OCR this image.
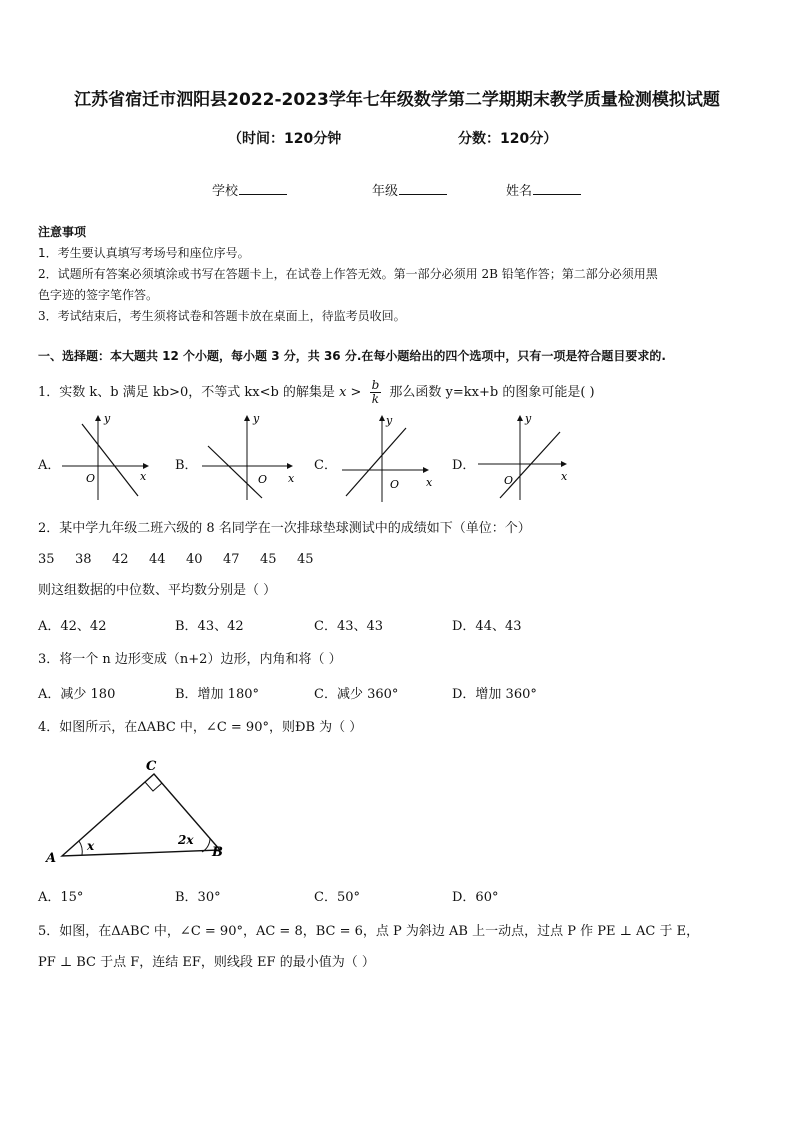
江苏省宿迁市泗阳县2022-2023学年七年级数学第二学期期末教学质量检测模拟试题
（时间：120分钟	分数：120分）
学校	年级	姓名
注意事项
1．考生要认真填写考场号和座位序号。
2．试题所有答案必须填涂或书写在答题卡上，在试卷上作答无效。第一部分必须用 2B 铅笔作答；第二部分必须用黑
色字迹的签字笔作答。
3．考试结束后，考生须将试卷和答题卡放在桌面上，待监考员收回。
一、选择题：本大题共 12 个小题，每小题 3 分，共 36 分.在每小题给出的四个选项中，只有一项是符合题目要求的.
1．实数 k、b 满足 kb>0，不等式 kx<b 的解集是 $x > \frac{b}{k}$ 那么函数 y=kx+b 的图象可能是( )
A．	B．	C．	D．
y
x
O
y
x
O
y
x
O
y
x
O
2．某中学九年级二班六级的 8 名同学在一次排球垫球测试中的成绩如下（单位：个）
35 38 42 44 40 47 45 45
则这组数据的中位数、平均数分别是（ ）
A．42、42	B．43、42	C．43、43	D．44、43
3．将一个 n 边形变成（n+2）边形，内角和将（ ）
A．减少 180	B．增加 180°	C．减少 360°	D．增加 360°
4．如图所示，在ΔABC 中，∠C = 90°，则ÐB 为（ ）
A
C
B
x	2x
A．15°	B．30°	C．50°	D．60°
5．如图，在ΔABC 中，∠C = 90°，AC = 8，BC = 6，点 P 为斜边 AB 上一动点，过点 P 作 PE ⊥ AC 于 E，
PF ⊥ BC 于点 F，连结 EF，则线段 EF 的最小值为（ ）
